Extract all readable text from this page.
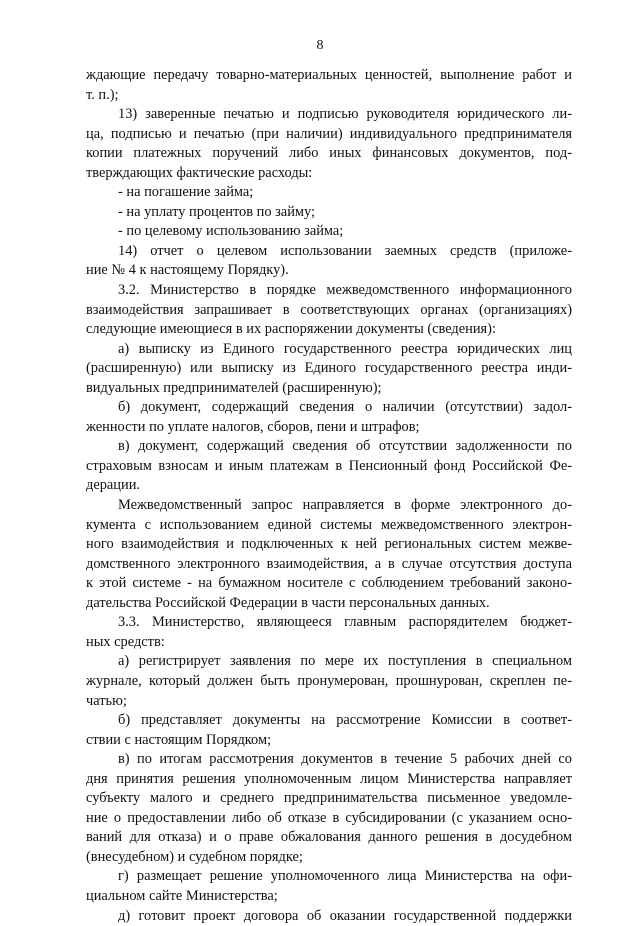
8
ждающие передачу товарно-материальных ценностей, выполнение работ и
т. п.);
13) заверенные печатью и подписью руководителя юридического ли-
ца, подписью и печатью (при наличии) индивидуального предпринимателя
копии платежных поручений либо иных финансовых документов, под-
тверждающих фактические расходы:
- на погашение займа;
- на уплату процентов по займу;
- по целевому использованию займа;
14) отчет о целевом использовании заемных средств (приложе-
ние № 4 к настоящему Порядку).
3.2. Министерство в порядке межведомственного информационного
взаимодействия запрашивает в соответствующих органах (организациях)
следующие имеющиеся в их распоряжении документы (сведения):
а) выписку из Единого государственного реестра юридических лиц
(расширенную) или выписку из Единого государственного реестра инди-
видуальных предпринимателей (расширенную);
б) документ, содержащий сведения о наличии (отсутствии) задол-
женности по уплате налогов, сборов, пени и штрафов;
в) документ, содержащий сведения об отсутствии задолженности по
страховым взносам и иным платежам в Пенсионный фонд Российской Фе-
дерации.
Межведомственный запрос направляется в форме электронного до-
кумента с использованием единой системы межведомственного электрон-
ного взаимодействия и подключенных к ней региональных систем межве-
домственного электронного взаимодействия, а в случае отсутствия доступа
к этой системе - на бумажном носителе с соблюдением требований законо-
дательства Российской Федерации в части персональных данных.
3.3. Министерство, являющееся главным распорядителем бюджет-
ных средств:
а) регистрирует заявления по мере их поступления в специальном
журнале, который должен быть пронумерован, прошнурован, скреплен пе-
чатью;
б) представляет документы на рассмотрение Комиссии в соответ-
ствии с настоящим Порядком;
в) по итогам рассмотрения документов в течение 5 рабочих дней со
дня принятия решения уполномоченным лицом Министерства направляет
субъекту малого и среднего предпринимательства письменное уведомле-
ние о предоставлении либо об отказе в субсидировании (с указанием осно-
ваний для отказа) и о праве обжалования данного решения в досудебном
(внесудебном) и судебном порядке;
г) размещает решение уполномоченного лица Министерства на офи-
циальном сайте Министерства;
д) готовит проект договора об оказании государственной поддержки
